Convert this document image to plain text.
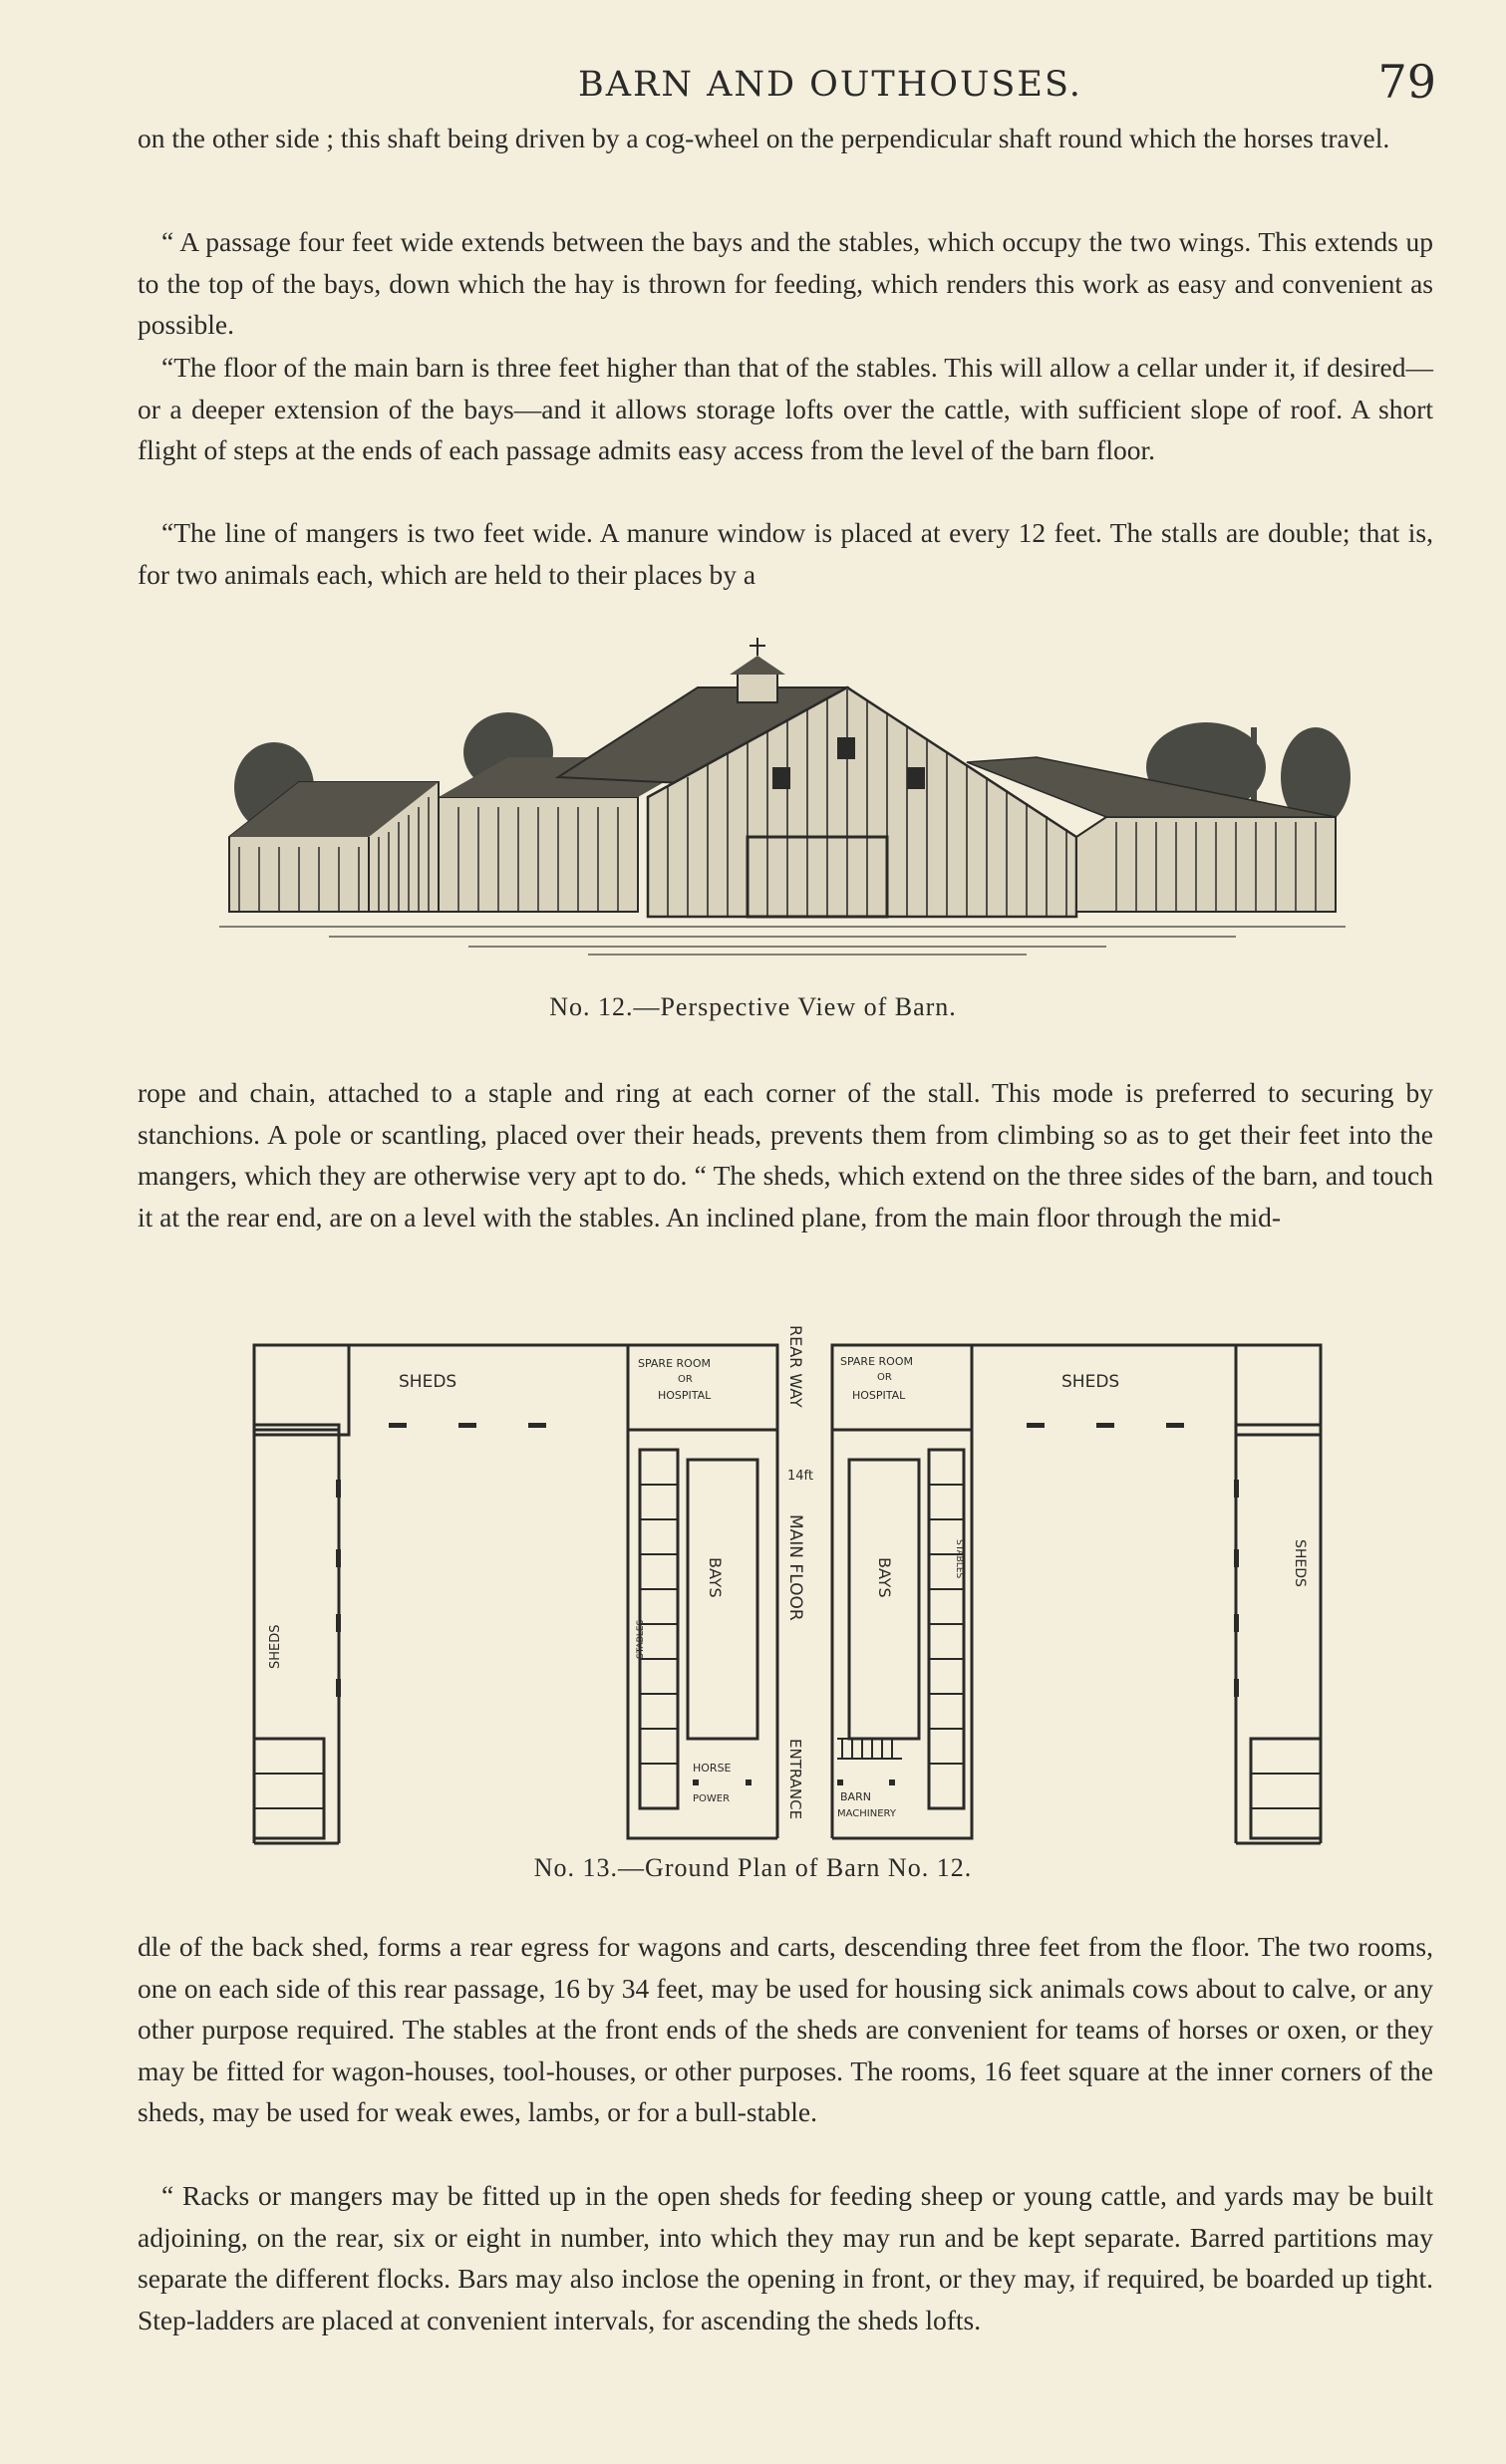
BARN AND OUTHOUSES.	79

on the other side ; this shaft being driven by a cog-wheel on the perpendicular shaft round which the horses travel.

“ A passage four feet wide extends between the bays and the stables, which occupy the two wings. This extends up to the top of the bays, down which the hay is thrown for feeding, which renders this work as easy and convenient as possible.

“The floor of the main barn is three feet higher than that of the stables. This will allow a cellar under it, if desired—or a deeper extension of the bays—and it allows storage lofts over the cattle, with sufficient slope of roof. A short flight of steps at the ends of each passage admits easy access from the level of the barn floor.

“The line of mangers is two feet wide. A manure window is placed at every 12 feet. The stalls are double; that is, for two animals each, which are held to their places by a

No. 12.—Perspective View of Barn.

rope and chain, attached to a staple and ring at each corner of the stall. This mode is preferred to securing by stanchions. A pole or scantling, placed over their heads, prevents them from climbing so as to get their feet into the mangers, which they are otherwise very apt to do. “ The sheds, which extend on the three sides of the barn, and touch it at the rear end, are on a level with the stables. An inclined plane, from the main floor through the mid-

SHEDS	SHEDS
SHEDS
SHEDS
SPARE ROOM
OR
HOSPITAL
SPARE ROOM
OR
HOSPITAL
REAR WAY
14ft
MAIN FLOOR
ENTRANCE
BAYS	BAYS
STABLES
STABLES
HORSE
POWER	BARN
MACHINERY
No. 13.—Ground Plan of Barn No. 12.

dle of the back shed, forms a rear egress for wagons and carts, descending three feet from the floor. The two rooms, one on each side of this rear passage, 16 by 34 feet, may be used for housing sick animals cows about to calve, or any other purpose required. The stables at the front ends of the sheds are convenient for teams of horses or oxen, or they may be fitted for wagon-houses, tool-houses, or other purposes. The rooms, 16 feet square at the inner corners of the sheds, may be used for weak ewes, lambs, or for a bull-stable.

“ Racks or mangers may be fitted up in the open sheds for feeding sheep or young cattle, and yards may be built adjoining, on the rear, six or eight in number, into which they may run and be kept separate. Barred partitions may separate the different flocks. Bars may also inclose the opening in front, or they may, if required, be boarded up tight. Step-ladders are placed at convenient intervals, for ascending the sheds lofts.
